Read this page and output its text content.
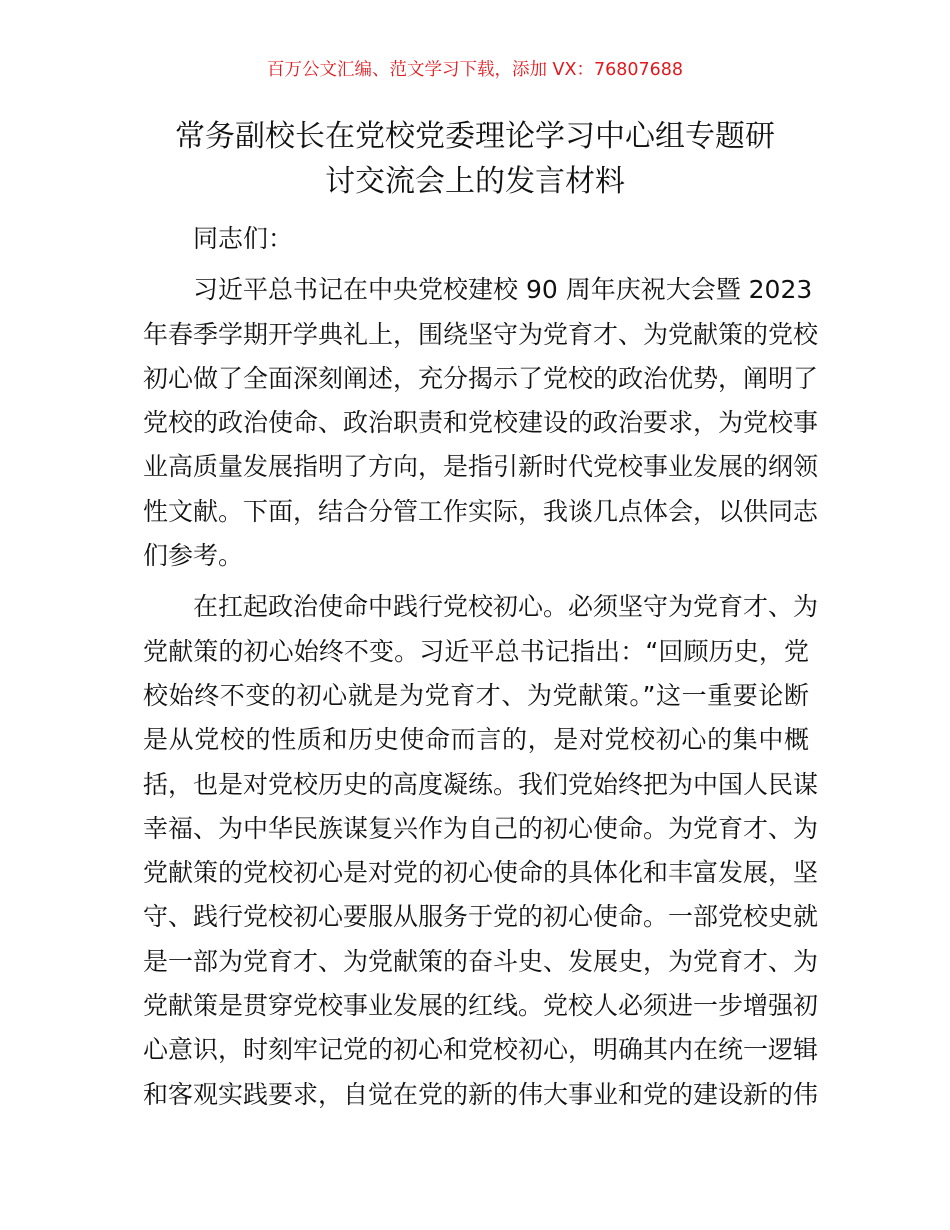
百万公文汇编、范文学习下载，添加 VX：76807688
常务副校长在党校党委理论学习中心组专题研
讨交流会上的发言材料
同志们：
习近平总书记在中央党校建校 90 周年庆祝大会暨 2023
年春季学期开学典礼上，围绕坚守为党育才、为党献策的党校
初心做了全面深刻阐述，充分揭示了党校的政治优势，阐明了
党校的政治使命、政治职责和党校建设的政治要求，为党校事
业高质量发展指明了方向，是指引新时代党校事业发展的纲领
性文献。下面，结合分管工作实际，我谈几点体会，以供同志
们参考。
在扛起政治使命中践行党校初心。必须坚守为党育才、为
党献策的初心始终不变。习近平总书记指出：“回顾历史，党
校始终不变的初心就是为党育才、为党献策。”这一重要论断
是从党校的性质和历史使命而言的，是对党校初心的集中概
括，也是对党校历史的高度凝练。我们党始终把为中国人民谋
幸福、为中华民族谋复兴作为自己的初心使命。为党育才、为
党献策的党校初心是对党的初心使命的具体化和丰富发展，坚
守、践行党校初心要服从服务于党的初心使命。一部党校史就
是一部为党育才、为党献策的奋斗史、发展史，为党育才、为
党献策是贯穿党校事业发展的红线。党校人必须进一步增强初
心意识，时刻牢记党的初心和党校初心，明确其内在统一逻辑
和客观实践要求，自觉在党的新的伟大事业和党的建设新的伟
